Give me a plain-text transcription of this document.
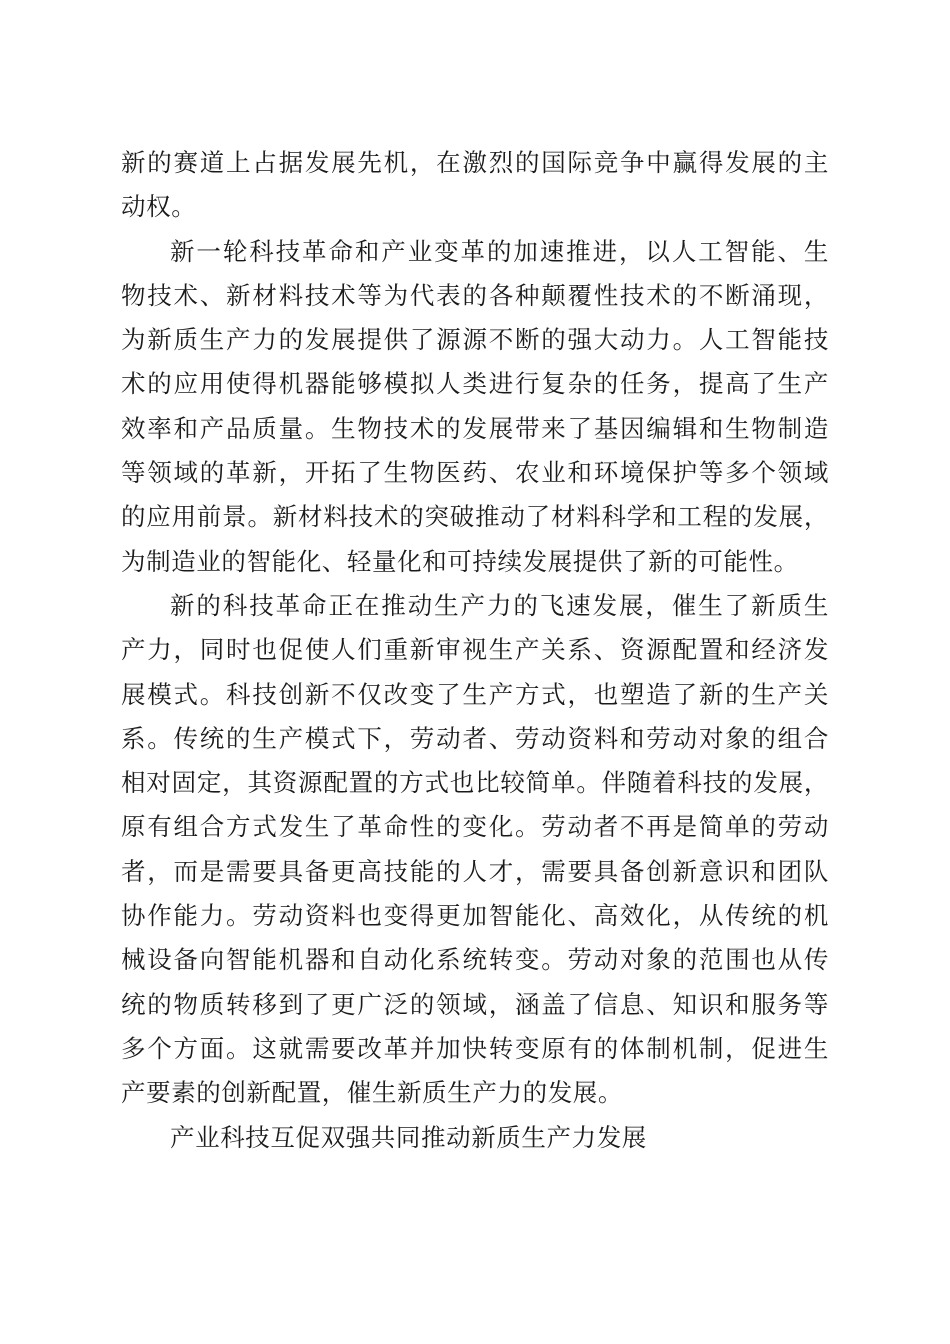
新的赛道上占据发展先机，在激烈的国际竞争中赢得发展的主
动权。
新一轮科技革命和产业变革的加速推进，以人工智能、生
物技术、新材料技术等为代表的各种颠覆性技术的不断涌现，
为新质生产力的发展提供了源源不断的强大动力。人工智能技
术的应用使得机器能够模拟人类进行复杂的任务，提高了生产
效率和产品质量。生物技术的发展带来了基因编辑和生物制造
等领域的革新，开拓了生物医药、农业和环境保护等多个领域
的应用前景。新材料技术的突破推动了材料科学和工程的发展，
为制造业的智能化、轻量化和可持续发展提供了新的可能性。
新的科技革命正在推动生产力的飞速发展，催生了新质生
产力，同时也促使人们重新审视生产关系、资源配置和经济发
展模式。科技创新不仅改变了生产方式，也塑造了新的生产关
系。传统的生产模式下，劳动者、劳动资料和劳动对象的组合
相对固定，其资源配置的方式也比较简单。伴随着科技的发展，
原有组合方式发生了革命性的变化。劳动者不再是简单的劳动
者，而是需要具备更高技能的人才，需要具备创新意识和团队
协作能力。劳动资料也变得更加智能化、高效化，从传统的机
械设备向智能机器和自动化系统转变。劳动对象的范围也从传
统的物质转移到了更广泛的领域，涵盖了信息、知识和服务等
多个方面。这就需要改革并加快转变原有的体制机制，促进生
产要素的创新配置，催生新质生产力的发展。
产业科技互促双强共同推动新质生产力发展
